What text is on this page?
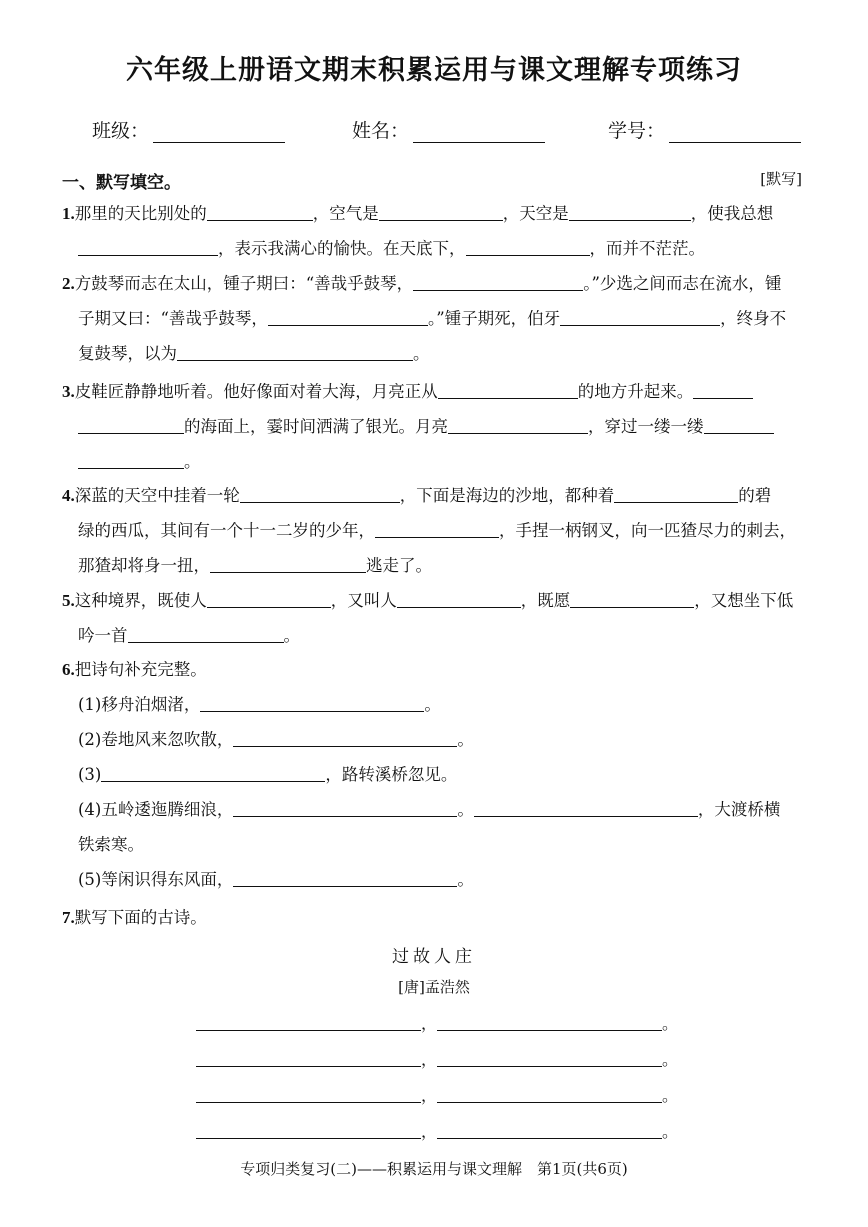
六年级上册语文期末积累运用与课文理解专项练习
班级：	姓名：	学号：
一、默写填空。	[默写]
1.那里的天比别处的	，空气是	，天空是	，使我总想
，表示我满心的愉快。在天底下，	，而并不茫茫。
2.方鼓琴而志在太山，锺子期曰：“善哉乎鼓琴，	。”少选之间而志在流水，锺
子期又曰：“善哉乎鼓琴，	。”锺子期死，伯牙	，终身不
复鼓琴，以为	。
3.皮鞋匠静静地听着。他好像面对着大海，月亮正从	的地方升起来。
的海面上，霎时间洒满了银光。月亮	，穿过一缕一缕
。
4.深蓝的天空中挂着一轮	，下面是海边的沙地，都种着	的碧
绿的西瓜，其间有一个十一二岁的少年，	，手捏一柄钢叉，向一匹猹尽力的刺去，
那猹却将身一扭，	逃走了。
5.这种境界，既使人	，又叫人	，既愿	，又想坐下低
吟一首	。
6.把诗句补充完整。
(1)移舟泊烟渚，	。
(2)卷地风来忽吹散，	。
(3)	，路转溪桥忽见。
(4)五岭逶迤腾细浪，	。	，大渡桥横
铁索寒。
(5)等闲识得东风面，	。
7.默写下面的古诗。
过故人庄
[唐]孟浩然
，	。
，	。
，	。
，	。
专项归类复习(二)——积累运用与课文理解　第1页(共6页)
